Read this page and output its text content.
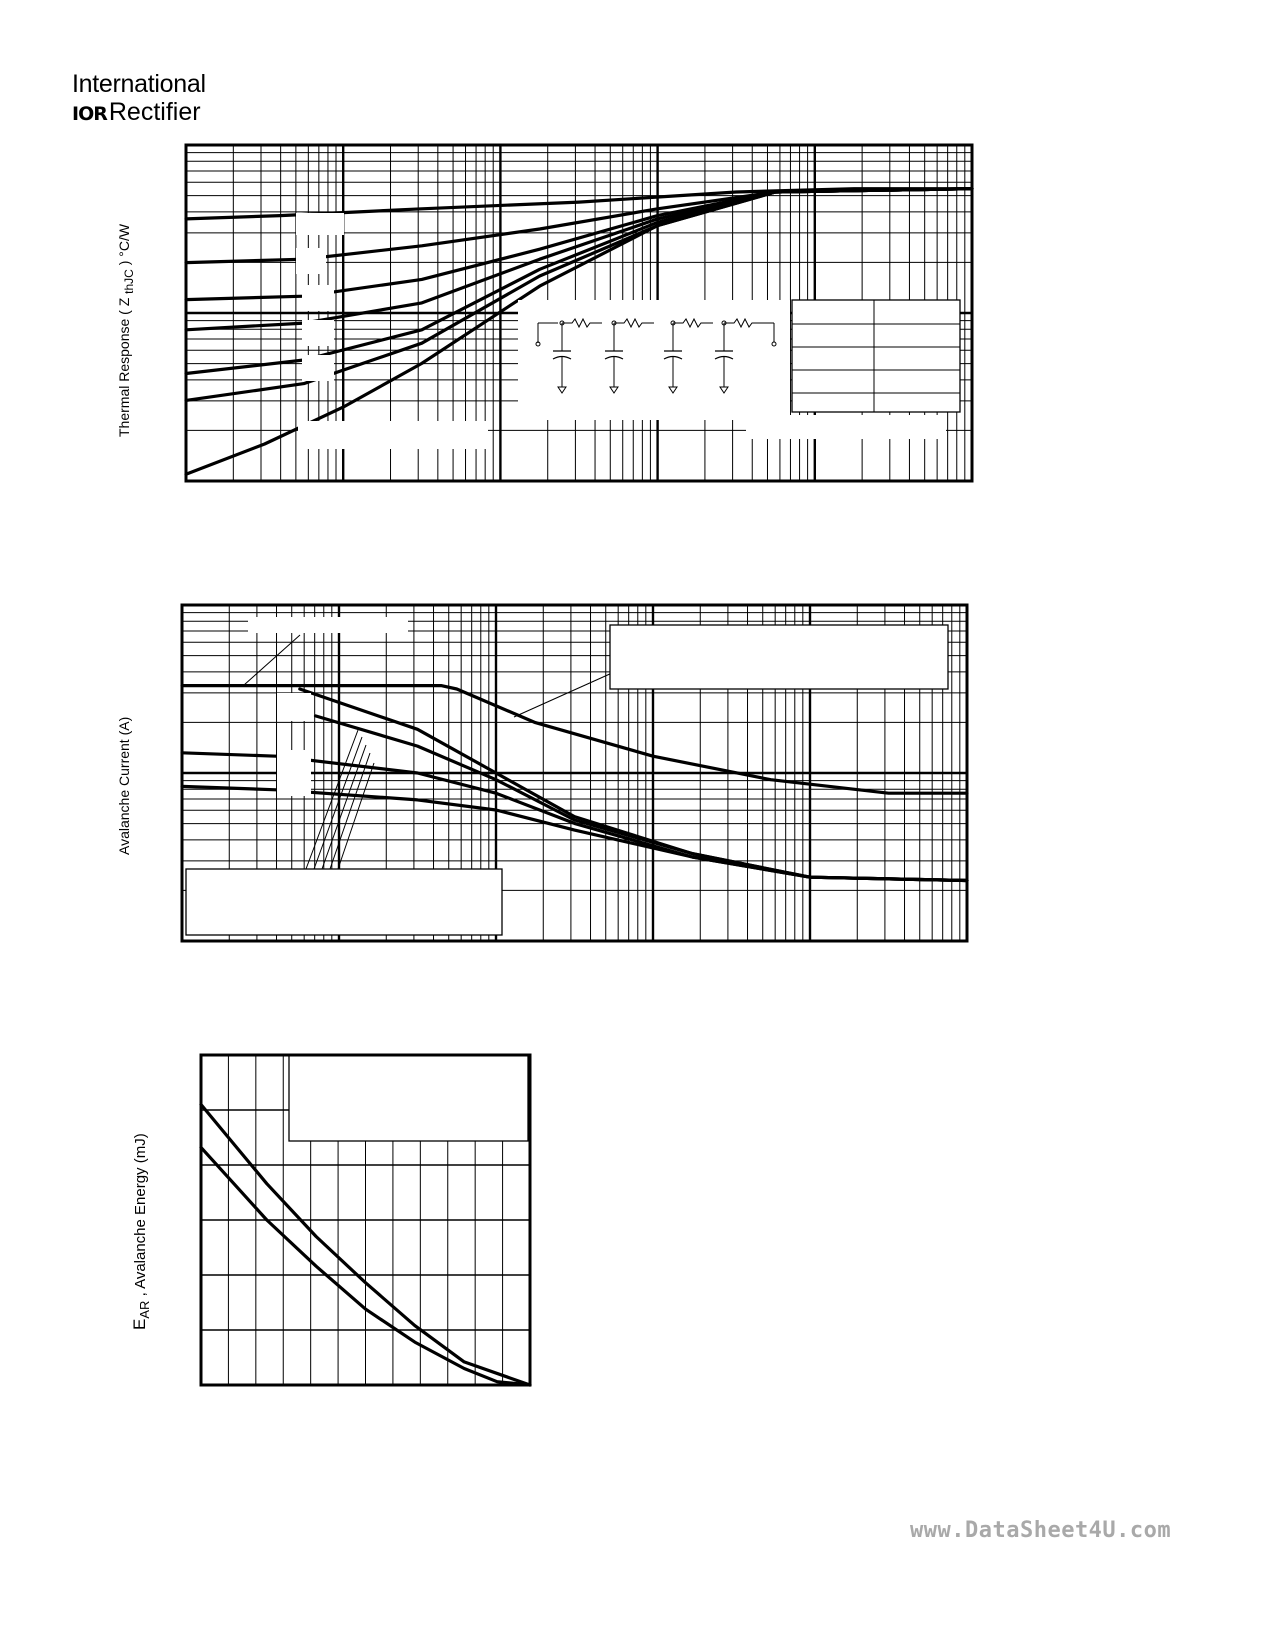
International
IORRectifier
Thermal Response ( Z $_{thJC}$ ) °C/W
Avalanche Current (A)
$E_{AR}$ , Avalanche Energy (mJ)
www.DataSheet4U.com
